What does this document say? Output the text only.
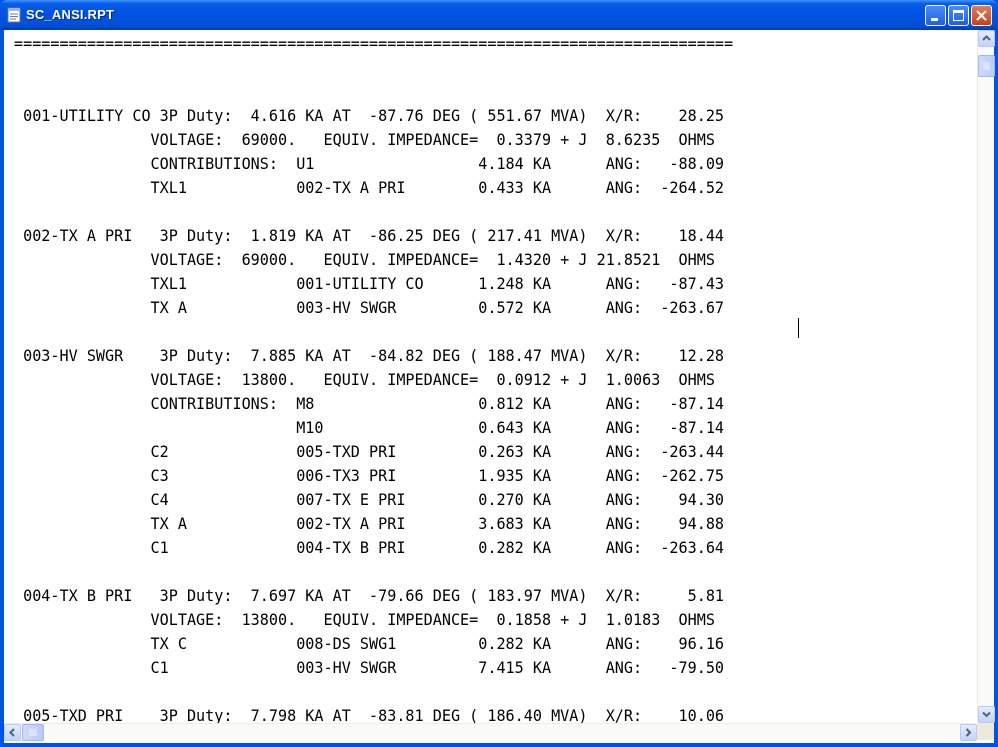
SC_ANSI.RPT
===============================================================================
001-UTILITY CO 3P Duty:  4.616 KA AT  -87.76 DEG ( 551.67 MVA)  X/R:    28.25
VOLTAGE:  69000.   EQUIV. IMPEDANCE=  0.3379 + J  8.6235  OHMS
CONTRIBUTIONS:  U1                  4.184 KA      ANG:   -88.09
TXL1            002-TX A PRI        0.433 KA      ANG:  -264.52
002-TX A PRI   3P Duty:  1.819 KA AT  -86.25 DEG ( 217.41 MVA)  X/R:    18.44
VOLTAGE:  69000.   EQUIV. IMPEDANCE=  1.4320 + J 21.8521  OHMS
TXL1            001-UTILITY CO      1.248 KA      ANG:   -87.43
TX A            003-HV SWGR         0.572 KA      ANG:  -263.67
003-HV SWGR    3P Duty:  7.885 KA AT  -84.82 DEG ( 188.47 MVA)  X/R:    12.28
VOLTAGE:  13800.   EQUIV. IMPEDANCE=  0.0912 + J  1.0063  OHMS
CONTRIBUTIONS:  M8                  0.812 KA      ANG:   -87.14
M10                 0.643 KA      ANG:   -87.14
C2              005-TXD PRI         0.263 KA      ANG:  -263.44
C3              006-TX3 PRI         1.935 KA      ANG:  -262.75
C4              007-TX E PRI        0.270 KA      ANG:    94.30
TX A            002-TX A PRI        3.683 KA      ANG:    94.88
C1              004-TX B PRI        0.282 KA      ANG:  -263.64
004-TX B PRI   3P Duty:  7.697 KA AT  -79.66 DEG ( 183.97 MVA)  X/R:     5.81
VOLTAGE:  13800.   EQUIV. IMPEDANCE=  0.1858 + J  1.0183  OHMS
TX C            008-DS SWG1         0.282 KA      ANG:    96.16
C1              003-HV SWGR         7.415 KA      ANG:   -79.50
005-TXD PRI    3P Duty:  7.798 KA AT  -83.81 DEG ( 186.40 MVA)  X/R:    10.06
